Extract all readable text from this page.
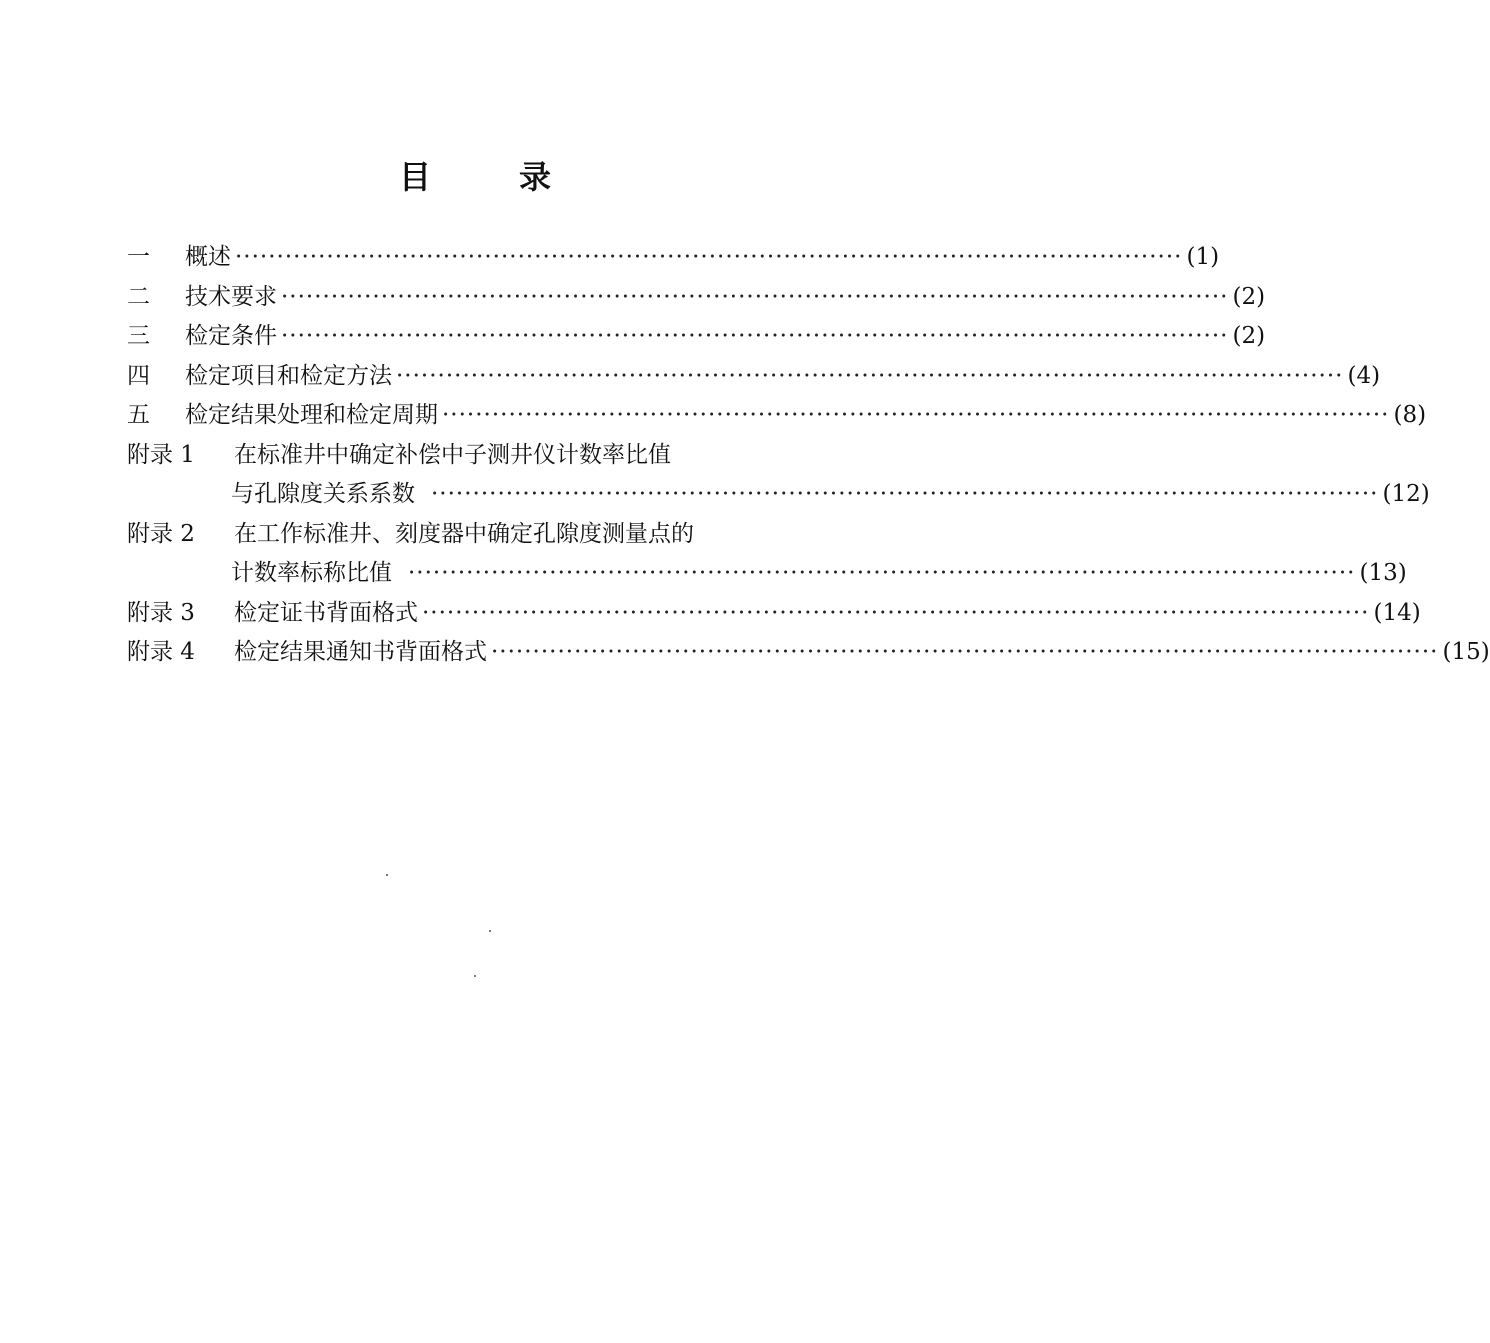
目	录
一 概述 ·················································································································· (1)
二 技术要求 ·················································································································· (2)
三 检定条件 ·················································································································· (2)
四 检定项目和检定方法 ·················································································································· (4)
五 检定结果处理和检定周期 ·················································································································· (8)
附录 1 在标准井中确定补偿中子测井仪计数率比值
与孔隙度关系系数 ·················································································································· (12)
附录 2 在工作标准井、刻度器中确定孔隙度测量点的
计数率标称比值 ·················································································································· (13)
附录 3 检定证书背面格式 ·················································································································· (14)
附录 4 检定结果通知书背面格式 ·················································································································· (15)
